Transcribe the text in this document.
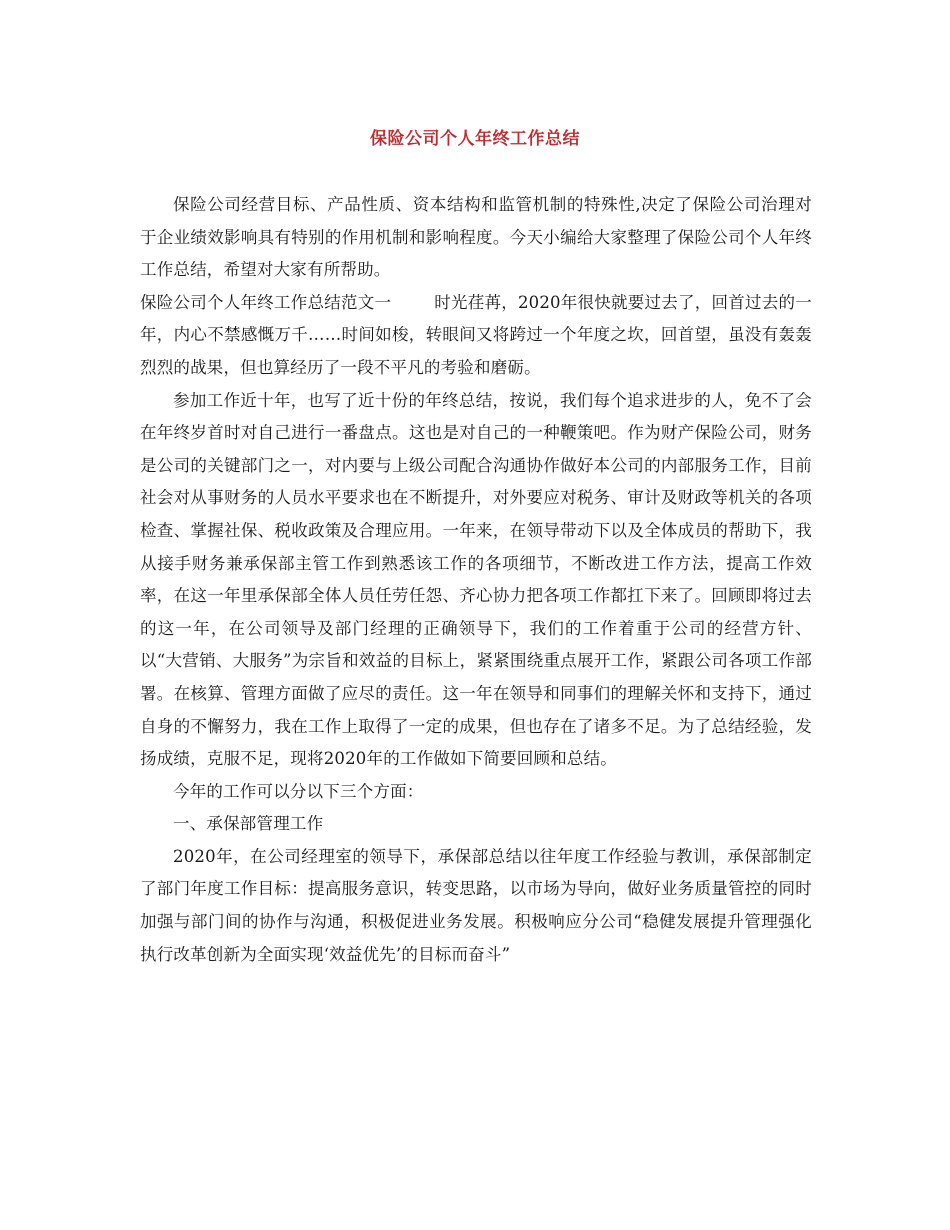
保险公司个人年终工作总结

保险公司经营目标、产品性质、资本结构和监管机制的特殊性,决定了保险公司治理对于企业绩效影响具有特别的作用机制和影响程度。今天小编给大家整理了保险公司个人年终工作总结，希望对大家有所帮助。

保险公司个人年终工作总结范文一	时光荏苒，2020年很快就要过去了，回首过去的一年，内心不禁感慨万千……时间如梭，转眼间又将跨过一个年度之坎，回首望，虽没有轰轰烈烈的战果，但也算经历了一段不平凡的考验和磨砺。

参加工作近十年，也写了近十份的年终总结，按说，我们每个追求进步的人，免不了会在年终岁首时对自己进行一番盘点。这也是对自己的一种鞭策吧。作为财产保险公司，财务是公司的关键部门之一，对内要与上级公司配合沟通协作做好本公司的内部服务工作，目前社会对从事财务的人员水平要求也在不断提升，对外要应对税务、审计及财政等机关的各项检查、掌握社保、税收政策及合理应用。一年来，在领导带动下以及全体成员的帮助下，我从接手财务兼承保部主管工作到熟悉该工作的各项细节，不断改进工作方法，提高工作效率，在这一年里承保部全体人员任劳任怨、齐心协力把各项工作都扛下来了。回顾即将过去的这一年，在公司领导及部门经理的正确领导下，我们的工作着重于公司的经营方针、以“大营销、大服务”为宗旨和效益的目标上，紧紧围绕重点展开工作，紧跟公司各项工作部署。在核算、管理方面做了应尽的责任。这一年在领导和同事们的理解关怀和支持下，通过自身的不懈努力，我在工作上取得了一定的成果，但也存在了诸多不足。为了总结经验，发扬成绩，克服不足，现将2020年的工作做如下简要回顾和总结。

今年的工作可以分以下三个方面：

一、承保部管理工作

2020年，在公司经理室的领导下，承保部总结以往年度工作经验与教训，承保部制定了部门年度工作目标：提高服务意识，转变思路，以市场为导向，做好业务质量管控的同时加强与部门间的协作与沟通，积极促进业务发展。积极响应分公司“稳健发展提升管理强化执行改革创新为全面实现‘效益优先’的目标而奋斗”
